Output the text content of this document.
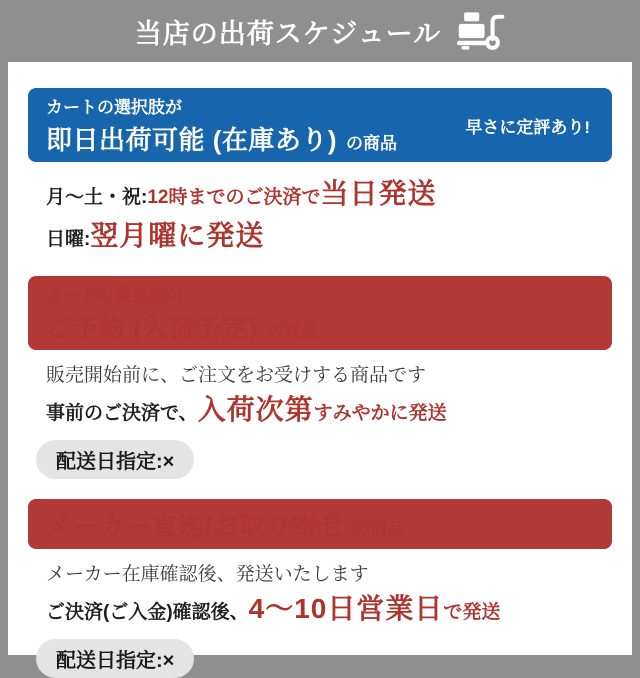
当店の出荷スケジュール
カートの選択肢が
即日出荷可能 (在庫あり) の商品
早さに定評あり!

月〜土・祝: 12時までのご決済で 当日発送

日曜: 翌月曜に発送

カートの選択肢が
ご予約 (入荷予定) の商品

販売開始前に、ご注文をお受けする商品です

事前のご決済で、 入荷次第 すみやかに発送

配送日指定:×
メーカー直送/お取り寄せ の商品

メーカー在庫確認後、発送いたします

ご決済(ご入金)確認後、 4〜10日営業日 で発送

配送日指定:×
